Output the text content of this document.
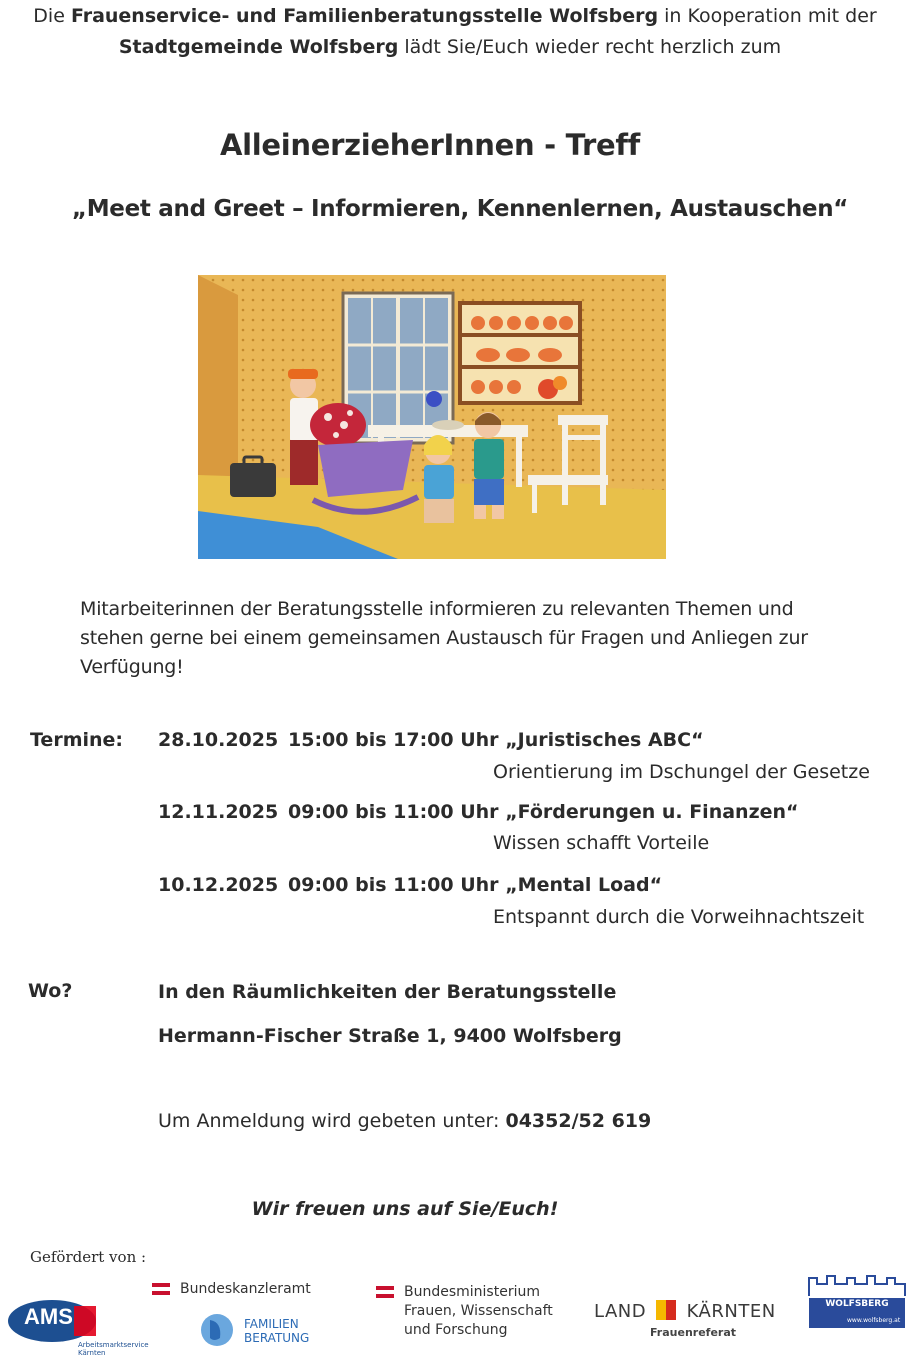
Die Frauenservice- und Familienberatungsstelle Wolfsberg in Kooperation mit der
Stadtgemeinde Wolfsberg lädt Sie/Euch wieder recht herzlich zum
AlleinerzieherInnen - Treff
„Meet and Greet – Informieren, Kennenlernen, Austauschen“
Mitarbeiterinnen der Beratungsstelle informieren zu relevanten Themen und
stehen gerne bei einem gemeinsamen Austausch für Fragen und Anliegen zur
Verfügung!
Termine: 28.10.2025 15:00 bis 17:00 Uhr „Juristisches ABC“
Orientierung im Dschungel der Gesetze
12.11.2025 09:00 bis 11:00 Uhr „Förderungen u. Finanzen“
Wissen schafft Vorteile
10.12.2025 09:00 bis 11:00 Uhr „Mental Load“
Entspannt durch die Vorweihnachtszeit
Wo?	In den Räumlichkeiten der Beratungsstelle
Hermann-Fischer Straße 1, 9400 Wolfsberg
Um Anmeldung wird gebeten unter: 04352/52 619
Wir freuen uns auf Sie/Euch!
Gefördert von :
AMS
Arbeitsmarktservice
Kärnten
Bundeskanzleramt
FAMILIEN
BERATUNG
Bundesministerium
Frauen, Wissenschaft
und Forschung
LAND KÄRNTEN
Frauenreferat
WOLFSBERG
www.wolfsberg.at
